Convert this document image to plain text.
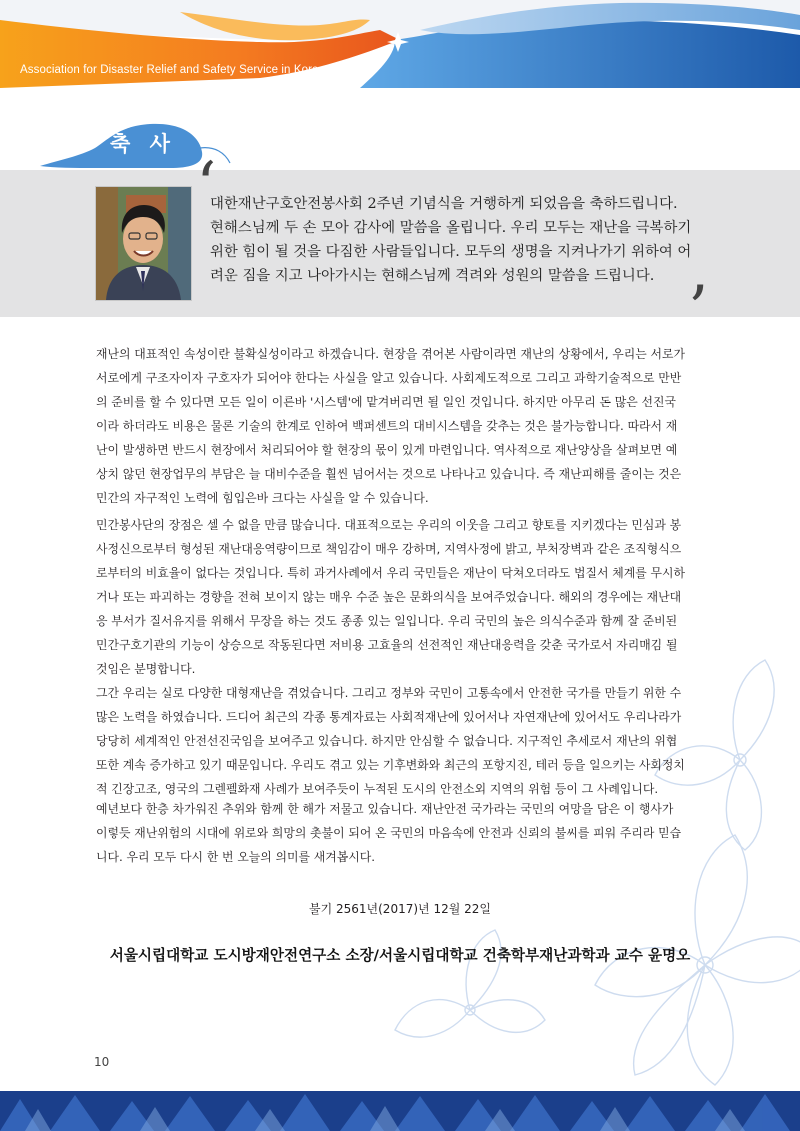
Association for Disaster Relief and Safety Service in Korea
축 사
‘
’

대한재난구호안전봉사회 2주년 기념식을 거행하게 되었음을 축하드립니다.

현해스님께 두 손 모아 감사에 말씀을 올립니다. 우리 모두는 재난을 극복하기

위한 힘이 될 것을 다짐한 사람들입니다. 모두의 생명을 지켜나가기 위하여 어

려운 짐을 지고 나아가시는 현해스님께 격려와 성원의 말씀을 드립니다.

재난의 대표적인 속성이란 불확실성이라고 하겠습니다. 현장을 겪어본 사람이라면 재난의 상황에서, 우리는 서로가

서로에게 구조자이자 구호자가 되어야 한다는 사실을 알고 있습니다. 사회제도적으로 그리고 과학기술적으로 만반

의 준비를 할 수 있다면 모든 일이 이른바 '시스템'에 맡겨버리면 될 일인 것입니다. 하지만 아무리 돈 많은 선진국

이라 하더라도 비용은 물론 기술의 한계로 인하여 백퍼센트의 대비시스템을 갖추는 것은 불가능합니다. 따라서 재

난이 발생하면 반드시 현장에서 처리되어야 할 현장의 몫이 있게 마련입니다. 역사적으로 재난양상을 살펴보면 예

상치 않던 현장업무의 부담은 늘 대비수준을 훨씬 넘어서는 것으로 나타나고 있습니다. 즉 재난피해를 줄이는 것은

민간의 자구적인 노력에 힘입은바 크다는 사실을 알 수 있습니다.

민간봉사단의 장점은 셀 수 없을 만큼 많습니다. 대표적으로는 우리의 이웃을 그리고 향토를 지키겠다는 민심과 봉

사정신으로부터 형성된 재난대응역량이므로 책임감이 매우 강하며, 지역사정에 밝고, 부처장벽과 같은 조직형식으

로부터의 비효율이 없다는 것입니다. 특히 과거사례에서 우리 국민들은 재난이 닥쳐오더라도 법질서 체계를 무시하

거나 또는 파괴하는 경향을 전혀 보이지 않는 매우 수준 높은 문화의식을 보여주었습니다. 해외의 경우에는 재난대

응 부서가 질서유지를 위해서 무장을 하는 것도 종종 있는 일입니다. 우리 국민의 높은 의식수준과 함께 잘 준비된

민간구호기관의 기능이 상승으로 작동된다면 저비용 고효율의 선전적인 재난대응력을 갖춘 국가로서 자리매김 될

것임은 분명합니다.

그간 우리는 실로 다양한 대형재난을 겪었습니다. 그리고 정부와 국민이 고통속에서 안전한 국가를 만들기 위한 수

많은 노력을 하였습니다. 드디어 최근의 각종 통계자료는 사회적재난에 있어서나 자연재난에 있어서도 우리나라가

당당히 세계적인 안전선진국임을 보여주고 있습니다. 하지만 안심할 수 없습니다. 지구적인 추세로서 재난의 위협

또한 계속 증가하고 있기 때문입니다. 우리도 겪고 있는 기후변화와 최근의 포항지진, 테러 등을 일으키는 사회정치

적 긴장고조, 영국의 그렌펠화재 사례가 보여주듯이 누적된 도시의 안전소외 지역의 위험 등이 그 사례입니다.

예년보다 한층 차가워진 추위와 함께 한 해가 저물고 있습니다. 재난안전 국가라는 국민의 여망을 담은 이 행사가

이렇듯 재난위험의 시대에 위로와 희망의 촛불이 되어 온 국민의 마음속에 안전과 신뢰의 불씨를 피워 주리라 믿습

니다. 우리 모두 다시 한 번 오늘의 의미를 새겨봅시다.

불기 2561년(2017)년 12월 22일
서울시립대학교 도시방재안전연구소 소장/서울시립대학교 건축학부재난과학과 교수 윤명오
10
